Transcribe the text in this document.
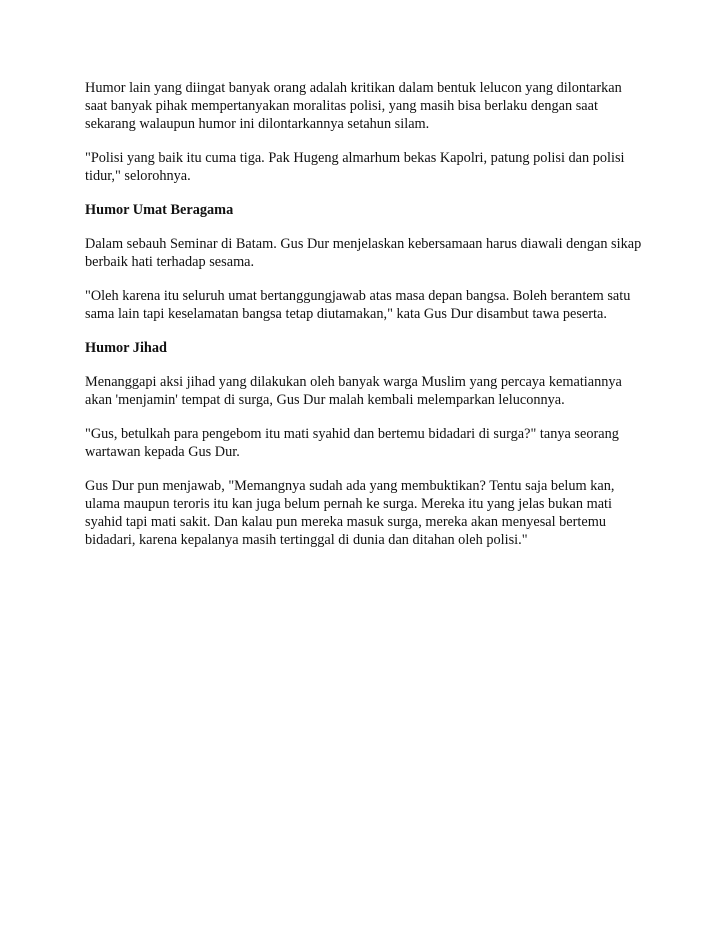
Humor lain yang diingat banyak orang adalah kritikan dalam bentuk lelucon yang dilontarkan
saat banyak pihak mempertanyakan moralitas polisi, yang masih bisa berlaku dengan saat
sekarang walaupun humor ini dilontarkannya setahun silam.

"Polisi yang baik itu cuma tiga. Pak Hugeng almarhum bekas Kapolri, patung polisi dan polisi
tidur," selorohnya.

Humor Umat Beragama

Dalam sebauh Seminar di Batam. Gus Dur menjelaskan kebersamaan harus diawali dengan sikap
berbaik hati terhadap sesama.

"Oleh karena itu seluruh umat bertanggungjawab atas masa depan bangsa. Boleh berantem satu
sama lain tapi keselamatan bangsa tetap diutamakan," kata Gus Dur disambut tawa peserta.

Humor Jihad

Menanggapi aksi jihad yang dilakukan oleh banyak warga Muslim yang percaya kematiannya
akan 'menjamin' tempat di surga, Gus Dur malah kembali melemparkan leluconnya.

"Gus, betulkah para pengebom itu mati syahid dan bertemu bidadari di surga?" tanya seorang
wartawan kepada Gus Dur.

Gus Dur pun menjawab, "Memangnya sudah ada yang membuktikan? Tentu saja belum kan,
ulama maupun teroris itu kan juga belum pernah ke surga. Mereka itu yang jelas bukan mati
syahid tapi mati sakit. Dan kalau pun mereka masuk surga, mereka akan menyesal bertemu
bidadari, karena kepalanya masih tertinggal di dunia dan ditahan oleh polisi."
